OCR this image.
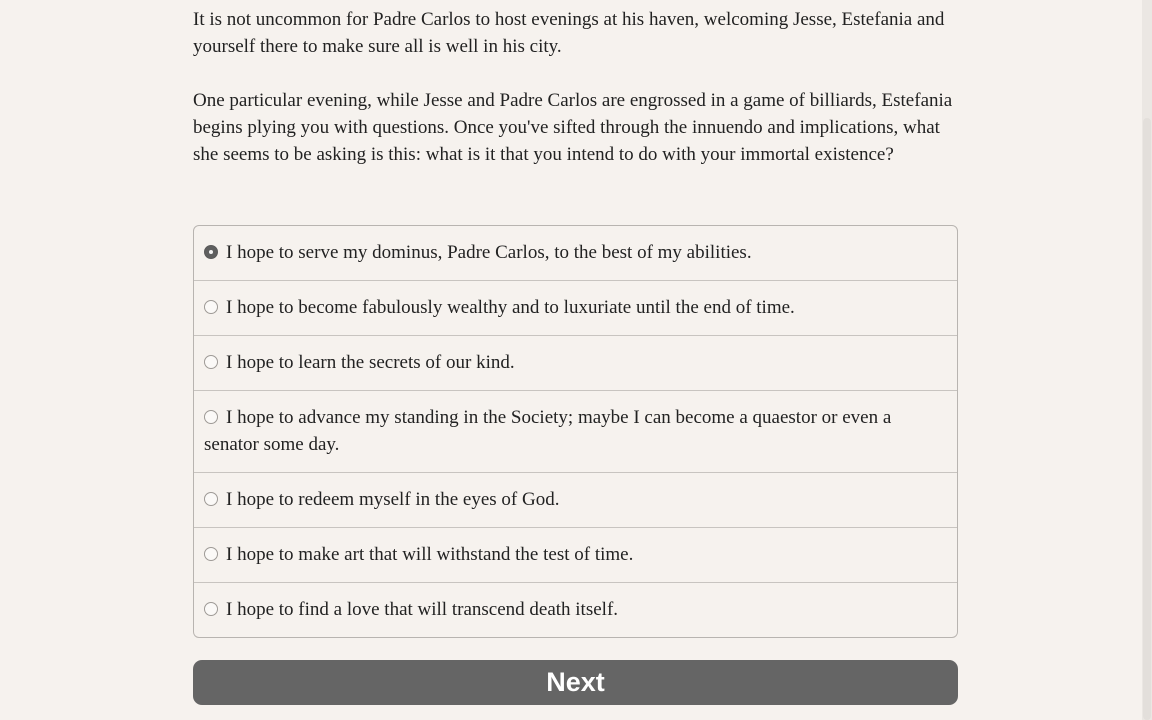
It is not uncommon for Padre Carlos to host evenings at his haven, welcoming Jesse, Estefania and yourself there to make sure all is well in his city.

One particular evening, while Jesse and Padre Carlos are engrossed in a game of billiards, Estefania begins plying you with questions. Once you've sifted through the innuendo and implications, what she seems to be asking is this: what is it that you intend to do with your immortal existence?

I hope to serve my dominus, Padre Carlos, to the best of my abilities.
I hope to become fabulously wealthy and to luxuriate until the end of time.
I hope to learn the secrets of our kind.
I hope to advance my standing in the Society; maybe I can become a quaestor or even a senator some day.
I hope to redeem myself in the eyes of God.
I hope to make art that will withstand the test of time.
I hope to find a love that will transcend death itself.
Next
